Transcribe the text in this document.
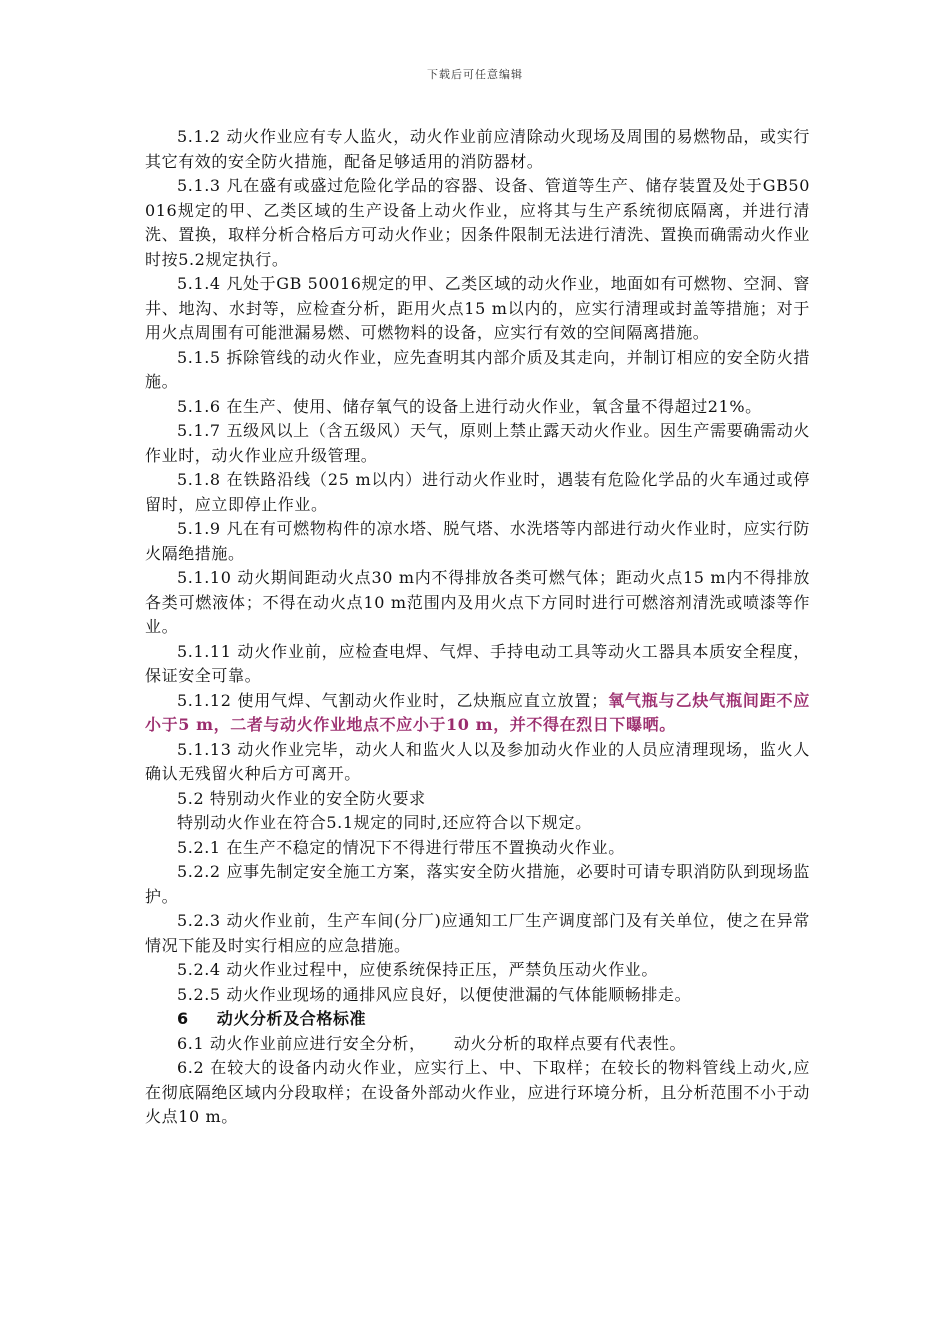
下载后可任意编辑

5.1.2 动火作业应有专人监火，动火作业前应清除动火现场及周围的易燃物品，或实行其它有效的安全防火措施，配备足够适用的消防器材。

5.1.3 凡在盛有或盛过危险化学品的容器、设备、管道等生产、储存装置及处于GB50016规定的甲、乙类区域的生产设备上动火作业，应将其与生产系统彻底隔离，并进行清洗、置换，取样分析合格后方可动火作业；因条件限制无法进行清洗、置换而确需动火作业时按5.2规定执行。

5.1.4 凡处于GB 50016规定的甲、乙类区域的动火作业，地面如有可燃物、空洞、窨井、地沟、水封等，应检查分析，距用火点15 m以内的，应实行清理或封盖等措施；对于用火点周围有可能泄漏易燃、可燃物料的设备，应实行有效的空间隔离措施。

5.1.5 拆除管线的动火作业，应先查明其内部介质及其走向，并制订相应的安全防火措施。

5.1.6 在生产、使用、储存氧气的设备上进行动火作业，氧含量不得超过21%。

5.1.7 五级风以上（含五级风）天气，原则上禁止露天动火作业。因生产需要确需动火作业时，动火作业应升级管理。

5.1.8 在铁路沿线（25 m以内）进行动火作业时，遇装有危险化学品的火车通过或停留时，应立即停止作业。

5.1.9 凡在有可燃物构件的凉水塔、脱气塔、水洗塔等内部进行动火作业时，应实行防火隔绝措施。

5.1.10 动火期间距动火点30 m内不得排放各类可燃气体；距动火点15 m内不得排放各类可燃液体；不得在动火点10 m范围内及用火点下方同时进行可燃溶剂清洗或喷漆等作业。

5.1.11 动火作业前，应检查电焊、气焊、手持电动工具等动火工器具本质安全程度，保证安全可靠。

5.1.12 使用气焊、气割动火作业时，乙炔瓶应直立放置；氧气瓶与乙炔气瓶间距不应小于5 m，二者与动火作业地点不应小于10 m，并不得在烈日下曝晒。

5.1.13 动火作业完毕，动火人和监火人以及参加动火作业的人员应清理现场，监火人确认无残留火种后方可离开。

5.2 特别动火作业的安全防火要求

特别动火作业在符合5.1规定的同时,还应符合以下规定。

5.2.1 在生产不稳定的情况下不得进行带压不置换动火作业。

5.2.2 应事先制定安全施工方案，落实安全防火措施，必要时可请专职消防队到现场监护。

5.2.3 动火作业前，生产车间(分厂)应通知工厂生产调度部门及有关单位，使之在异常情况下能及时实行相应的应急措施。

5.2.4 动火作业过程中，应使系统保持正压，严禁负压动火作业。

5.2.5 动火作业现场的通排风应良好，以便使泄漏的气体能顺畅排走。

6 动火分析及合格标准

6.1 动火作业前应进行安全分析， 动火分析的取样点要有代表性。

6.2 在较大的设备内动火作业，应实行上、中、下取样；在较长的物料管线上动火,应在彻底隔绝区域内分段取样；在设备外部动火作业，应进行环境分析，且分析范围不小于动火点10 m。
